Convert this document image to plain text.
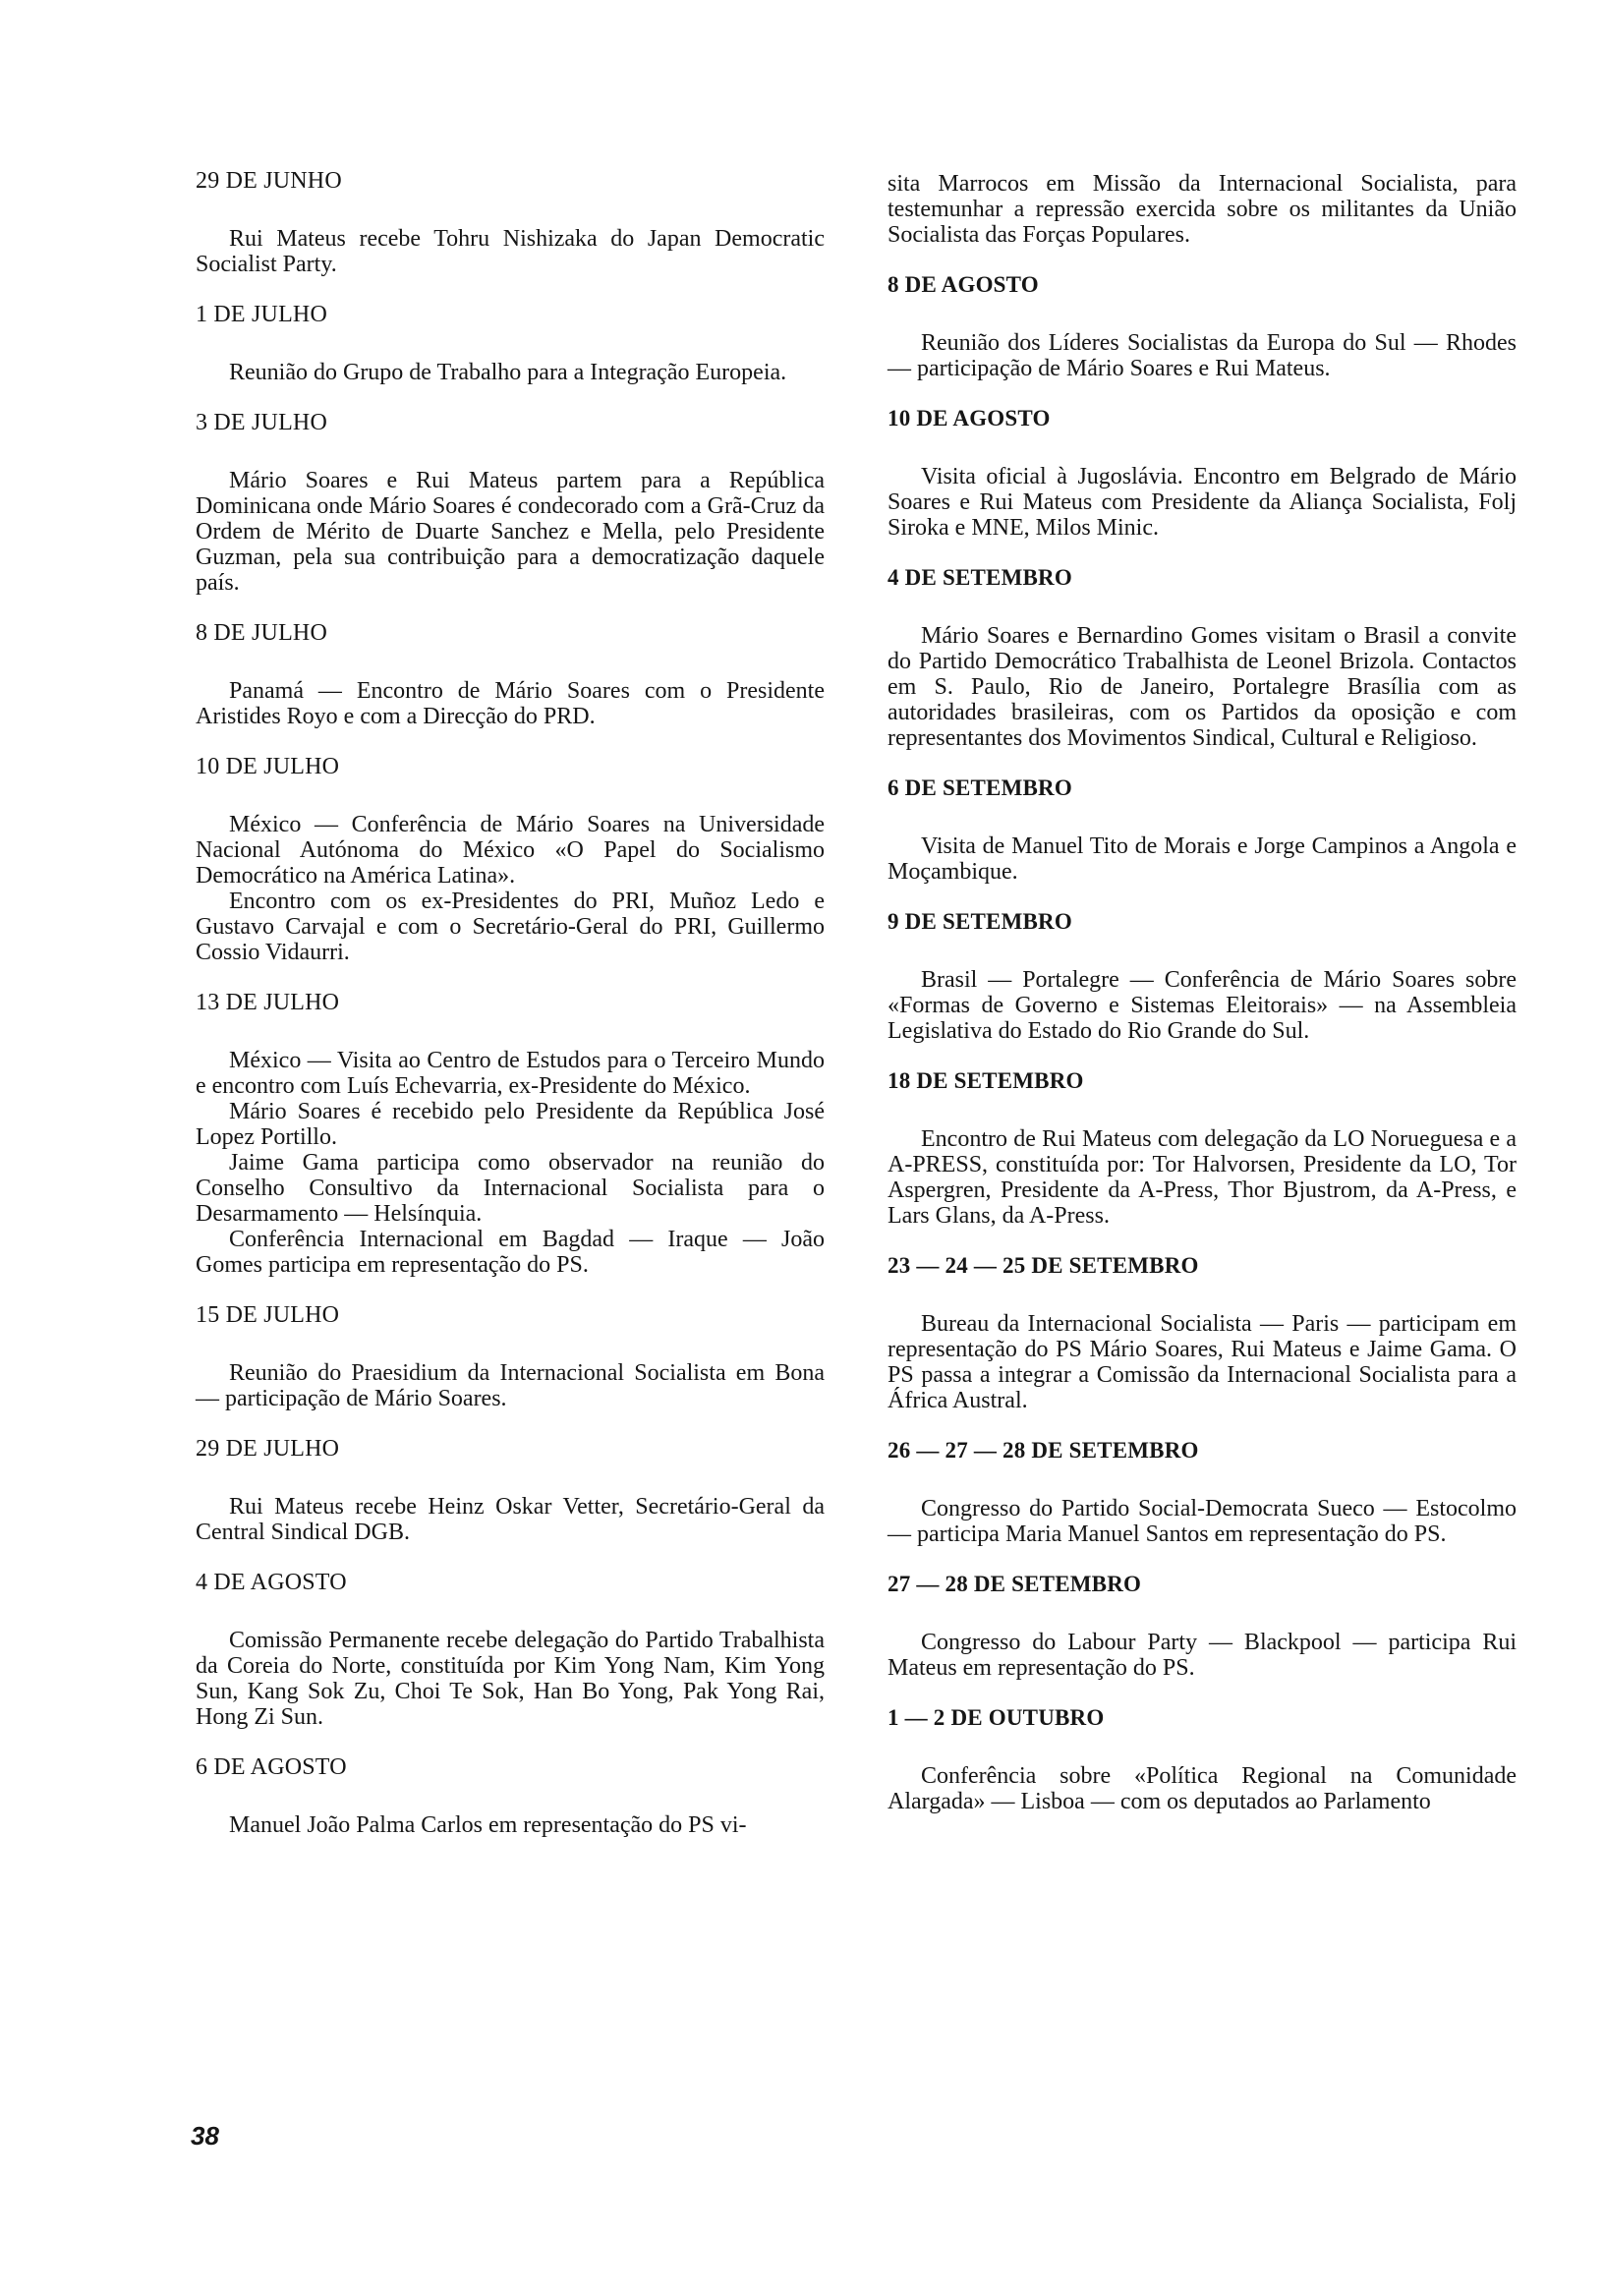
29 DE JUNHO

Rui Mateus recebe Tohru Nishizaka do Japan Democratic Socialist Party.

1 DE JULHO

Reunião do Grupo de Trabalho para a Integração Europeia.

3 DE JULHO

Mário Soares e Rui Mateus partem para a República Dominicana onde Mário Soares é condecorado com a Grã-Cruz da Ordem de Mérito de Duarte Sanchez e Mella, pelo Presidente Guzman, pela sua contribuição para a democratização daquele país.

8 DE JULHO

Panamá — Encontro de Mário Soares com o Presidente Aristides Royo e com a Direcção do PRD.

10 DE JULHO

México — Conferência de Mário Soares na Universidade Nacional Autónoma do México «O Papel do Socialismo Democrático na América Latina».

Encontro com os ex-Presidentes do PRI, Muñoz Ledo e Gustavo Carvajal e com o Secretário-Geral do PRI, Guillermo Cossio Vidaurri.

13 DE JULHO

México — Visita ao Centro de Estudos para o Terceiro Mundo e encontro com Luís Echevarria, ex-Presidente do México.

Mário Soares é recebido pelo Presidente da República José Lopez Portillo.

Jaime Gama participa como observador na reunião do Conselho Consultivo da Internacional Socialista para o Desarmamento — Helsínquia.

Conferência Internacional em Bagdad — Iraque — João Gomes participa em representação do PS.

15 DE JULHO

Reunião do Praesidium da Internacional Socialista em Bona — participação de Mário Soares.

29 DE JULHO

Rui Mateus recebe Heinz Oskar Vetter, Secretário-Geral da Central Sindical DGB.

4 DE AGOSTO

Comissão Permanente recebe delegação do Partido Trabalhista da Coreia do Norte, constituída por Kim Yong Nam, Kim Yong Sun, Kang Sok Zu, Choi Te Sok, Han Bo Yong, Pak Yong Rai, Hong Zi Sun.

6 DE AGOSTO

Manuel João Palma Carlos em representação do PS vi-

sita Marrocos em Missão da Internacional Socialista, para testemunhar a repressão exercida sobre os militantes da União Socialista das Forças Populares.

8 DE AGOSTO

Reunião dos Líderes Socialistas da Europa do Sul — Rhodes — participação de Mário Soares e Rui Mateus.

10 DE AGOSTO

Visita oficial à Jugoslávia. Encontro em Belgrado de Mário Soares e Rui Mateus com Presidente da Aliança Socialista, Folj Siroka e MNE, Milos Minic.

4 DE SETEMBRO

Mário Soares e Bernardino Gomes visitam o Brasil a convite do Partido Democrático Trabalhista de Leonel Brizola. Contactos em S. Paulo, Rio de Janeiro, Portalegre Brasília com as autoridades brasileiras, com os Partidos da oposição e com representantes dos Movimentos Sindical, Cultural e Religioso.

6 DE SETEMBRO

Visita de Manuel Tito de Morais e Jorge Campinos a Angola e Moçambique.

9 DE SETEMBRO

Brasil — Portalegre — Conferência de Mário Soares sobre «Formas de Governo e Sistemas Eleitorais» — na Assembleia Legislativa do Estado do Rio Grande do Sul.

18 DE SETEMBRO

Encontro de Rui Mateus com delegação da LO Norueguesa e a A-PRESS, constituída por: Tor Halvorsen, Presidente da LO, Tor Aspergren, Presidente da A-Press, Thor Bjustrom, da A-Press, e Lars Glans, da A-Press.

23 — 24 — 25 DE SETEMBRO

Bureau da Internacional Socialista — Paris — participam em representação do PS Mário Soares, Rui Mateus e Jaime Gama. O PS passa a integrar a Comissão da Internacional Socialista para a África Austral.

26 — 27 — 28 DE SETEMBRO

Congresso do Partido Social-Democrata Sueco — Estocolmo — participa Maria Manuel Santos em representação do PS.

27 — 28 DE SETEMBRO

Congresso do Labour Party — Blackpool — participa Rui Mateus em representação do PS.

1 — 2 DE OUTUBRO

Conferência sobre «Política Regional na Comunidade Alargada» — Lisboa — com os deputados ao Parlamento

38
